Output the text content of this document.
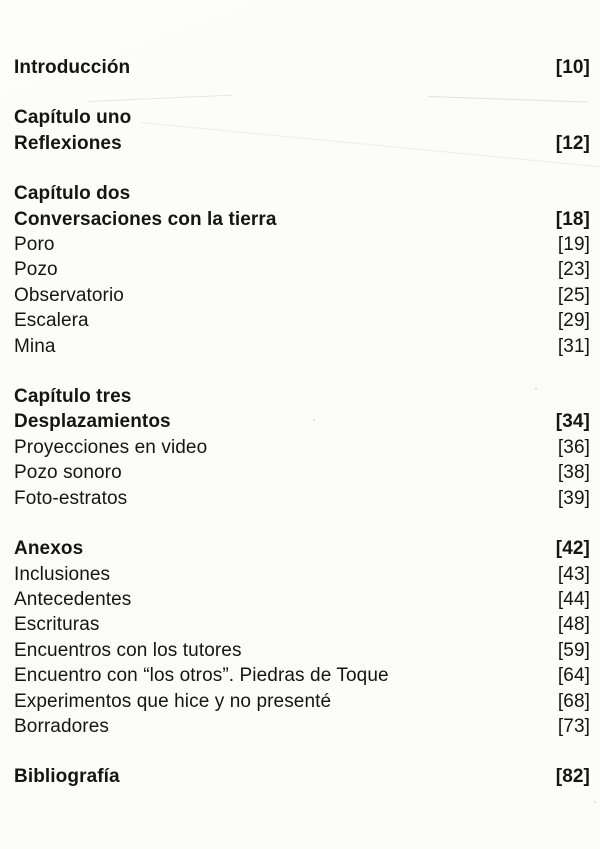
Introducción	[10]
Capítulo uno
Reflexiones	[12]
Capítulo dos
Conversaciones con la tierra	[18]
Poro	[19]
Pozo	[23]
Observatorio	[25]
Escalera	[29]
Mina	[31]
Capítulo tres
Desplazamientos	[34]
Proyecciones en video	[36]
Pozo sonoro	[38]
Foto-estratos	[39]
Anexos	[42]
Inclusiones	[43]
Antecedentes	[44]
Escrituras	[48]
Encuentros con los tutores	[59]
Encuentro con “los otros”. Piedras de Toque	[64]
Experimentos que hice y no presenté	[68]
Borradores	[73]
Bibliografía	[82]
